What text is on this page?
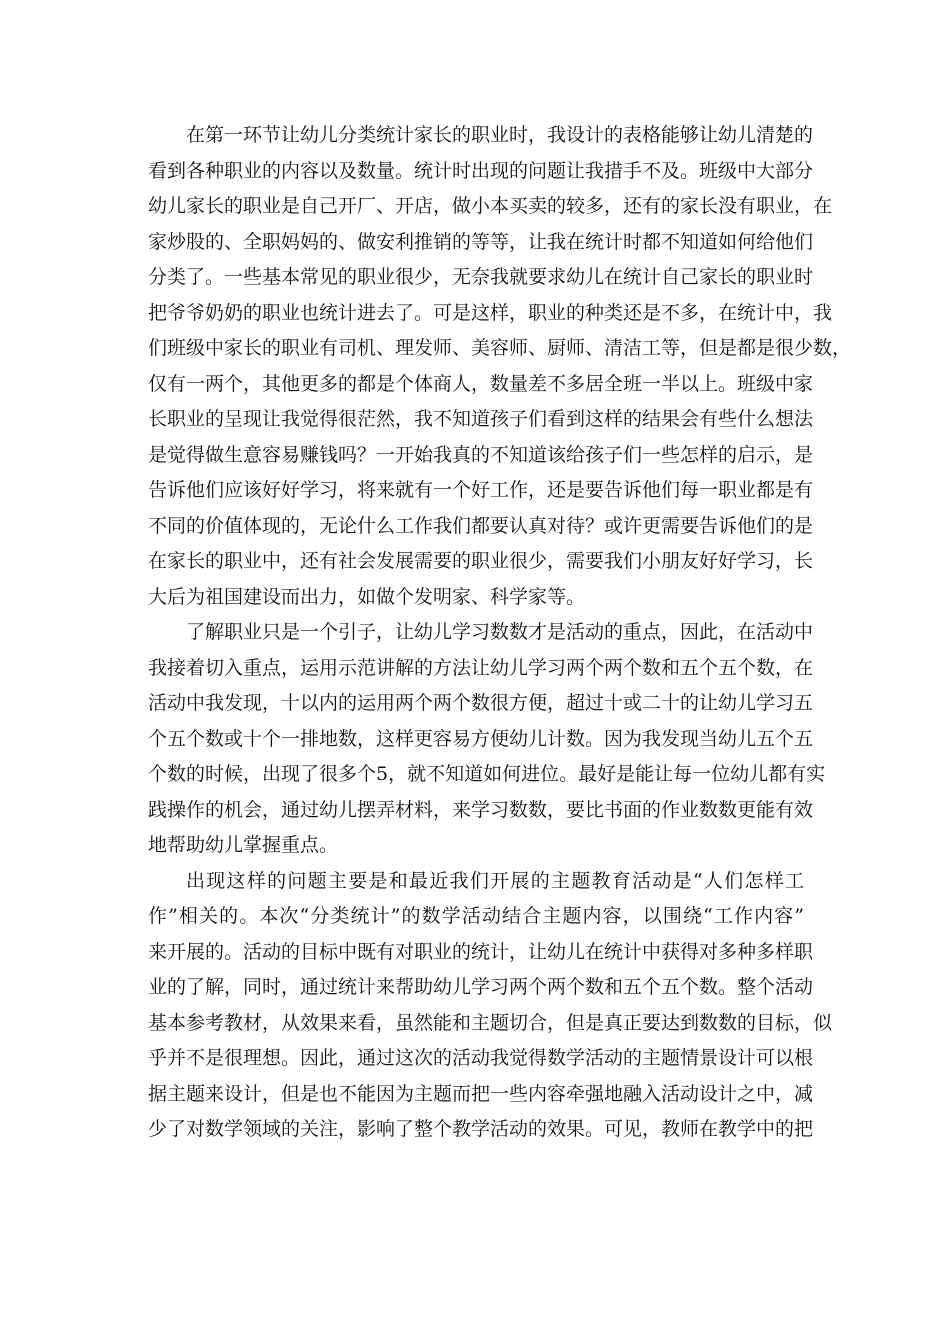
在第一环节让幼儿分类统计家长的职业时，我设计的表格能够让幼儿清楚的
看到各种职业的内容以及数量。统计时出现的问题让我措手不及。班级中大部分
幼儿家长的职业是自己开厂、开店，做小本买卖的较多，还有的家长没有职业，在
家炒股的、全职妈妈的、做安利推销的等等，让我在统计时都不知道如何给他们
分类了。一些基本常见的职业很少，无奈我就要求幼儿在统计自己家长的职业时
把爷爷奶奶的职业也统计进去了。可是这样，职业的种类还是不多，在统计中，我
们班级中家长的职业有司机、理发师、美容师、厨师、清洁工等，但是都是很少数，
仅有一两个，其他更多的都是个体商人，数量差不多居全班一半以上。班级中家
长职业的呈现让我觉得很茫然，我不知道孩子们看到这样的结果会有些什么想法
是觉得做生意容易赚钱吗？一开始我真的不知道该给孩子们一些怎样的启示，是
告诉他们应该好好学习，将来就有一个好工作，还是要告诉他们每一职业都是有
不同的价值体现的，无论什么工作我们都要认真对待？或许更需要告诉他们的是
在家长的职业中，还有社会发展需要的职业很少，需要我们小朋友好好学习，长
大后为祖国建设而出力，如做个发明家、科学家等。

了解职业只是一个引子，让幼儿学习数数才是活动的重点，因此，在活动中
我接着切入重点，运用示范讲解的方法让幼儿学习两个两个数和五个五个数，在
活动中我发现，十以内的运用两个两个数很方便，超过十或二十的让幼儿学习五
个五个数或十个一排地数，这样更容易方便幼儿计数。因为我发现当幼儿五个五
个数的时候，出现了很多个5，就不知道如何进位。最好是能让每一位幼儿都有实
践操作的机会，通过幼儿摆弄材料，来学习数数，要比书面的作业数数更能有效
地帮助幼儿掌握重点。

出现这样的问题主要是和最近我们开展的主题教育活动是“人们怎样工
作”相关的。本次“分类统计”的数学活动结合主题内容，以围绕“工作内容”
来开展的。活动的目标中既有对职业的统计，让幼儿在统计中获得对多种多样职
业的了解，同时，通过统计来帮助幼儿学习两个两个数和五个五个数。整个活动
基本参考教材，从效果来看，虽然能和主题切合，但是真正要达到数数的目标，似
乎并不是很理想。因此，通过这次的活动我觉得数学活动的主题情景设计可以根
据主题来设计，但是也不能因为主题而把一些内容牵强地融入活动设计之中，减
少了对数学领域的关注，影响了整个教学活动的效果。可见，教师在教学中的把
